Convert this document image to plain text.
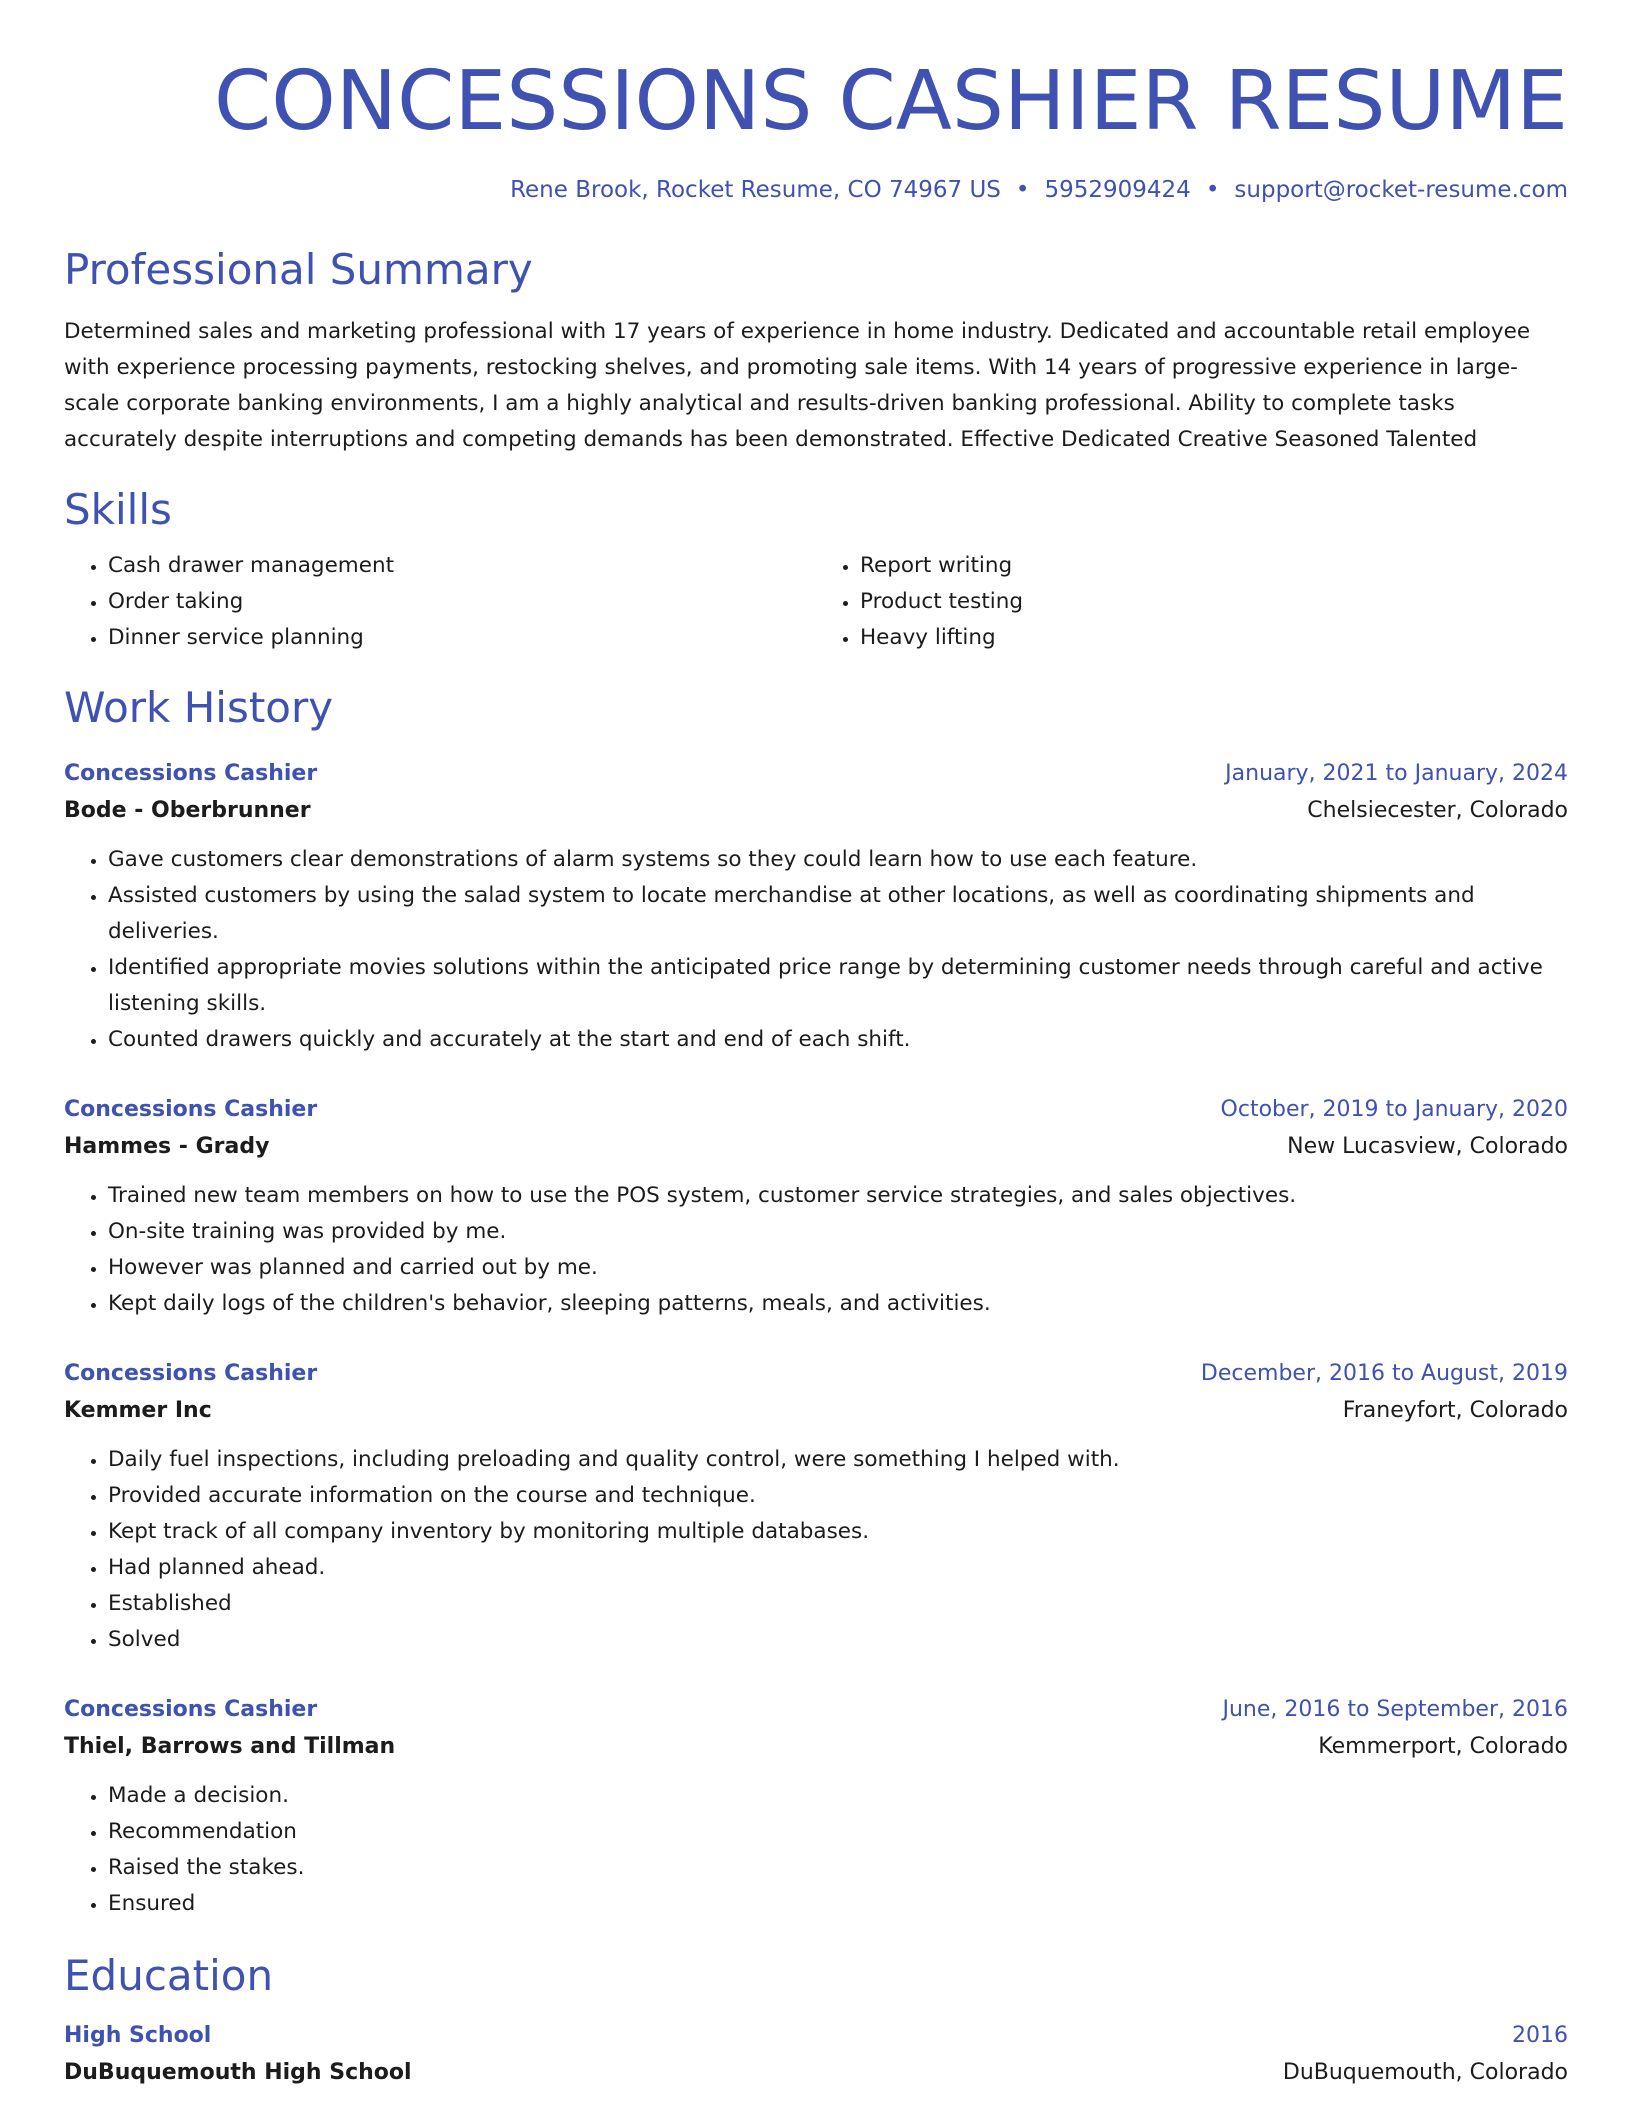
CONCESSIONS CASHIER RESUME
Rene Brook, Rocket Resume, CO 74967 US • 5952909424 • support@rocket-resume.com
Professional Summary

Determined sales and marketing professional with 17 years of experience in home industry. Dedicated and accountable retail employee with experience processing payments, restocking shelves, and promoting sale items. With 14 years of progressive experience in large-scale corporate banking environments, I am a highly analytical and results-driven banking professional. Ability to complete tasks accurately despite interruptions and competing demands has been demonstrated. Effective Dedicated Creative Seasoned Talented

Skills
• Cash drawer management
• Order taking
• Dinner service planning
• Report writing
• Product testing
• Heavy lifting
Work History
Concessions Cashier	January, 2021 to January, 2024
Bode - Oberbrunner	Chelsiecester, Colorado
• Gave customers clear demonstrations of alarm systems so they could learn how to use each feature.
• Assisted customers by using the salad system to locate merchandise at other locations, as well as coordinating shipments and deliveries.
• Identified appropriate movies solutions within the anticipated price range by determining customer needs through careful and active listening skills.
• Counted drawers quickly and accurately at the start and end of each shift.
Concessions Cashier	October, 2019 to January, 2020
Hammes - Grady	New Lucasview, Colorado
• Trained new team members on how to use the POS system, customer service strategies, and sales objectives.
• On-site training was provided by me.
• However was planned and carried out by me.
• Kept daily logs of the children's behavior, sleeping patterns, meals, and activities.
Concessions Cashier	December, 2016 to August, 2019
Kemmer Inc	Franeyfort, Colorado
• Daily fuel inspections, including preloading and quality control, were something I helped with.
• Provided accurate information on the course and technique.
• Kept track of all company inventory by monitoring multiple databases.
• Had planned ahead.
• Established
• Solved
Concessions Cashier	June, 2016 to September, 2016
Thiel, Barrows and Tillman	Kemmerport, Colorado
• Made a decision.
• Recommendation
• Raised the stakes.
• Ensured
Education
High School	2016
DuBuquemouth High School	DuBuquemouth, Colorado
